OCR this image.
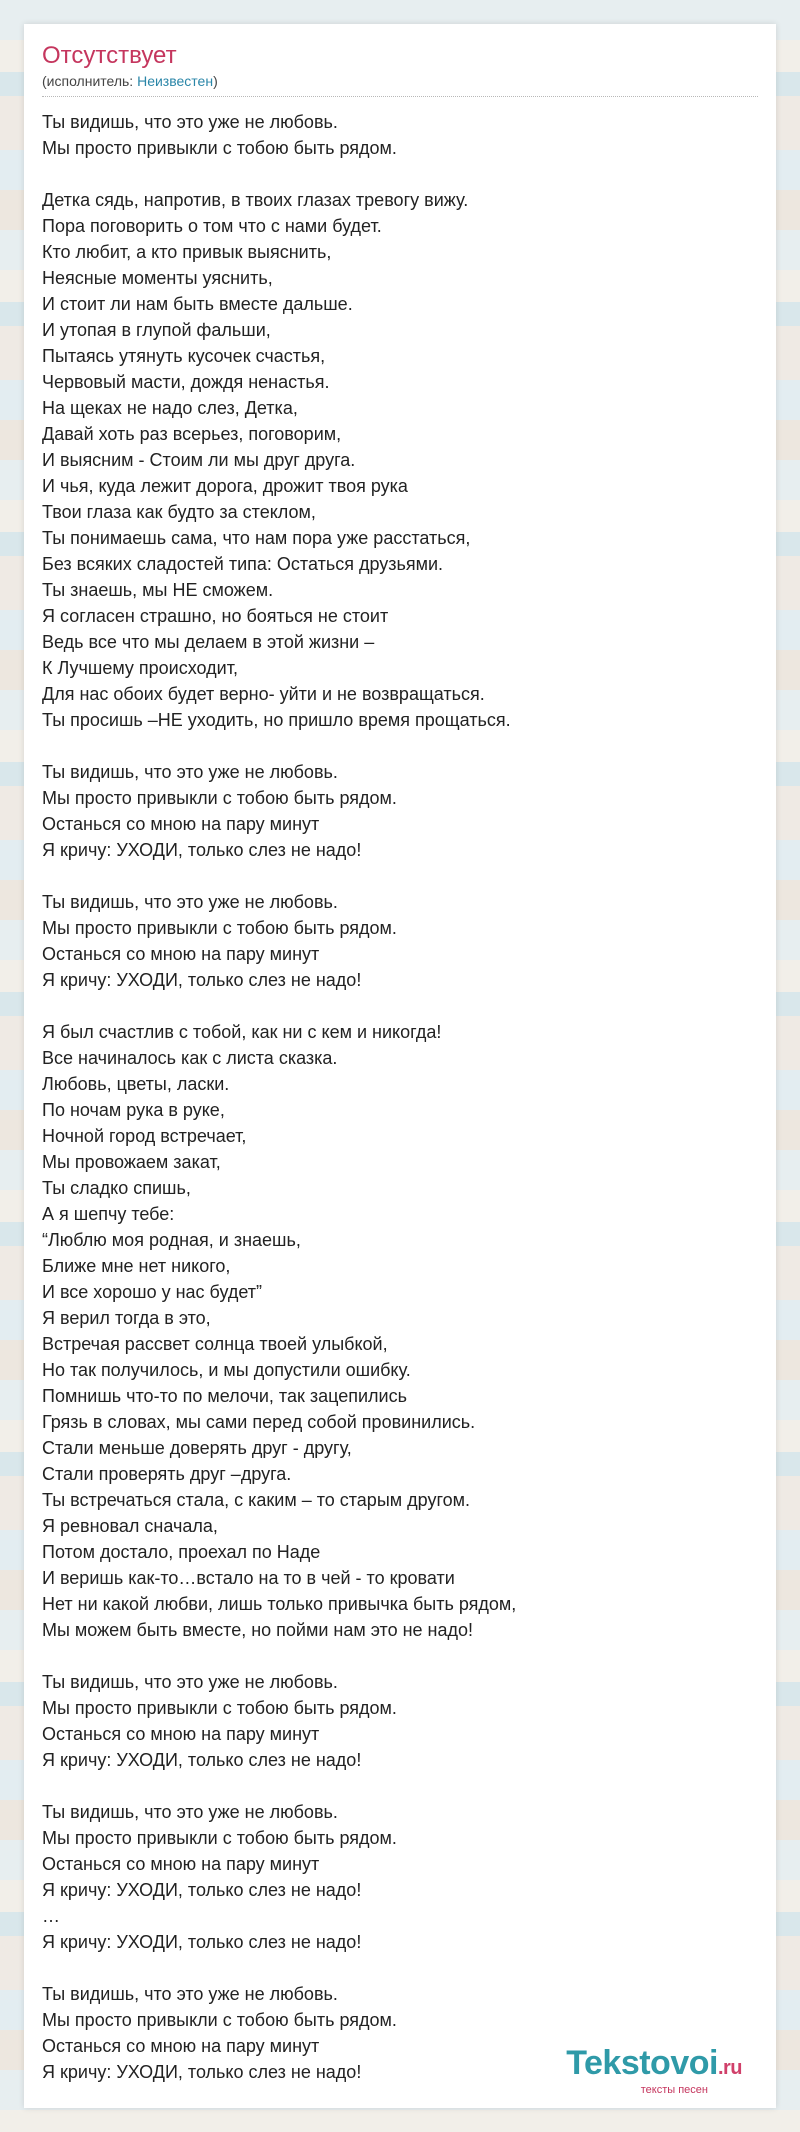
Отсутствует
(исполнитель: Неизвестен)
Ты видишь, что это уже не любовь.
Мы просто привыкли с тобою быть рядом.
Детка сядь, напротив, в твоих глазах тревогу вижу.
Пора поговорить о том что с нами будет.
Кто любит, а кто привык выяснить,
Неясные моменты уяснить,
И стоит ли нам быть вместе дальше.
И утопая в глупой фальши,
Пытаясь утянуть кусочек счастья,
Червовый масти, дождя ненастья.
На щеках не надо слез, Детка,
Давай хоть раз всерьез, поговорим,
И выясним - Стоим ли мы друг друга.
И чья, куда лежит дорога, дрожит твоя рука
Твои глаза как будто за стеклом,
Ты понимаешь сама, что нам пора уже расстаться,
Без всяких сладостей типа: Остаться друзьями.
Ты знаешь, мы НЕ сможем.
Я согласен страшно, но бояться не стоит
Ведь все что мы делаем в этой жизни –
К Лучшему происходит,
Для нас обоих будет верно- уйти и не возвращаться.
Ты просишь –НЕ уходить, но пришло время прощаться.
Ты видишь, что это уже не любовь.
Мы просто привыкли с тобою быть рядом.
Останься со мною на пару минут
Я кричу: УХОДИ, только слез не надо!
Ты видишь, что это уже не любовь.
Мы просто привыкли с тобою быть рядом.
Останься со мною на пару минут
Я кричу: УХОДИ, только слез не надо!
Я был счастлив с тобой, как ни с кем и никогда!
Все начиналось как с листа сказка.
Любовь, цветы, ласки.
По ночам рука в руке,
Ночной город встречает,
Мы провожаем закат,
Ты сладко спишь,
А я шепчу тебе:
“Люблю моя родная, и знаешь,
Ближе мне нет никого,
И все хорошо у нас будет”
Я верил тогда в это,
Встречая рассвет солнца твоей улыбкой,
Но так получилось, и мы допустили ошибку.
Помнишь что-то по мелочи, так зацепились
Грязь в словах, мы сами перед собой провинились.
Стали меньше доверять друг - другу,
Стали проверять друг –друга.
Ты встречаться стала, с каким – то старым другом.
Я ревновал сначала,
Потом достало, проехал по Наде
И веришь как-то…встало на то в чей - то кровати
Нет ни какой любви, лишь только привычка быть рядом,
Мы можем быть вместе, но пойми нам это не надо!
Ты видишь, что это уже не любовь.
Мы просто привыкли с тобою быть рядом.
Останься со мною на пару минут
Я кричу: УХОДИ, только слез не надо!
Ты видишь, что это уже не любовь.
Мы просто привыкли с тобою быть рядом.
Останься со мною на пару минут
Я кричу: УХОДИ, только слез не надо!
…
Я кричу: УХОДИ, только слез не надо!
Ты видишь, что это уже не любовь.
Мы просто привыкли с тобою быть рядом.
Останься со мною на пару минут
Я кричу: УХОДИ, только слез не надо!	Tekstovoi.ru
тексты песен
